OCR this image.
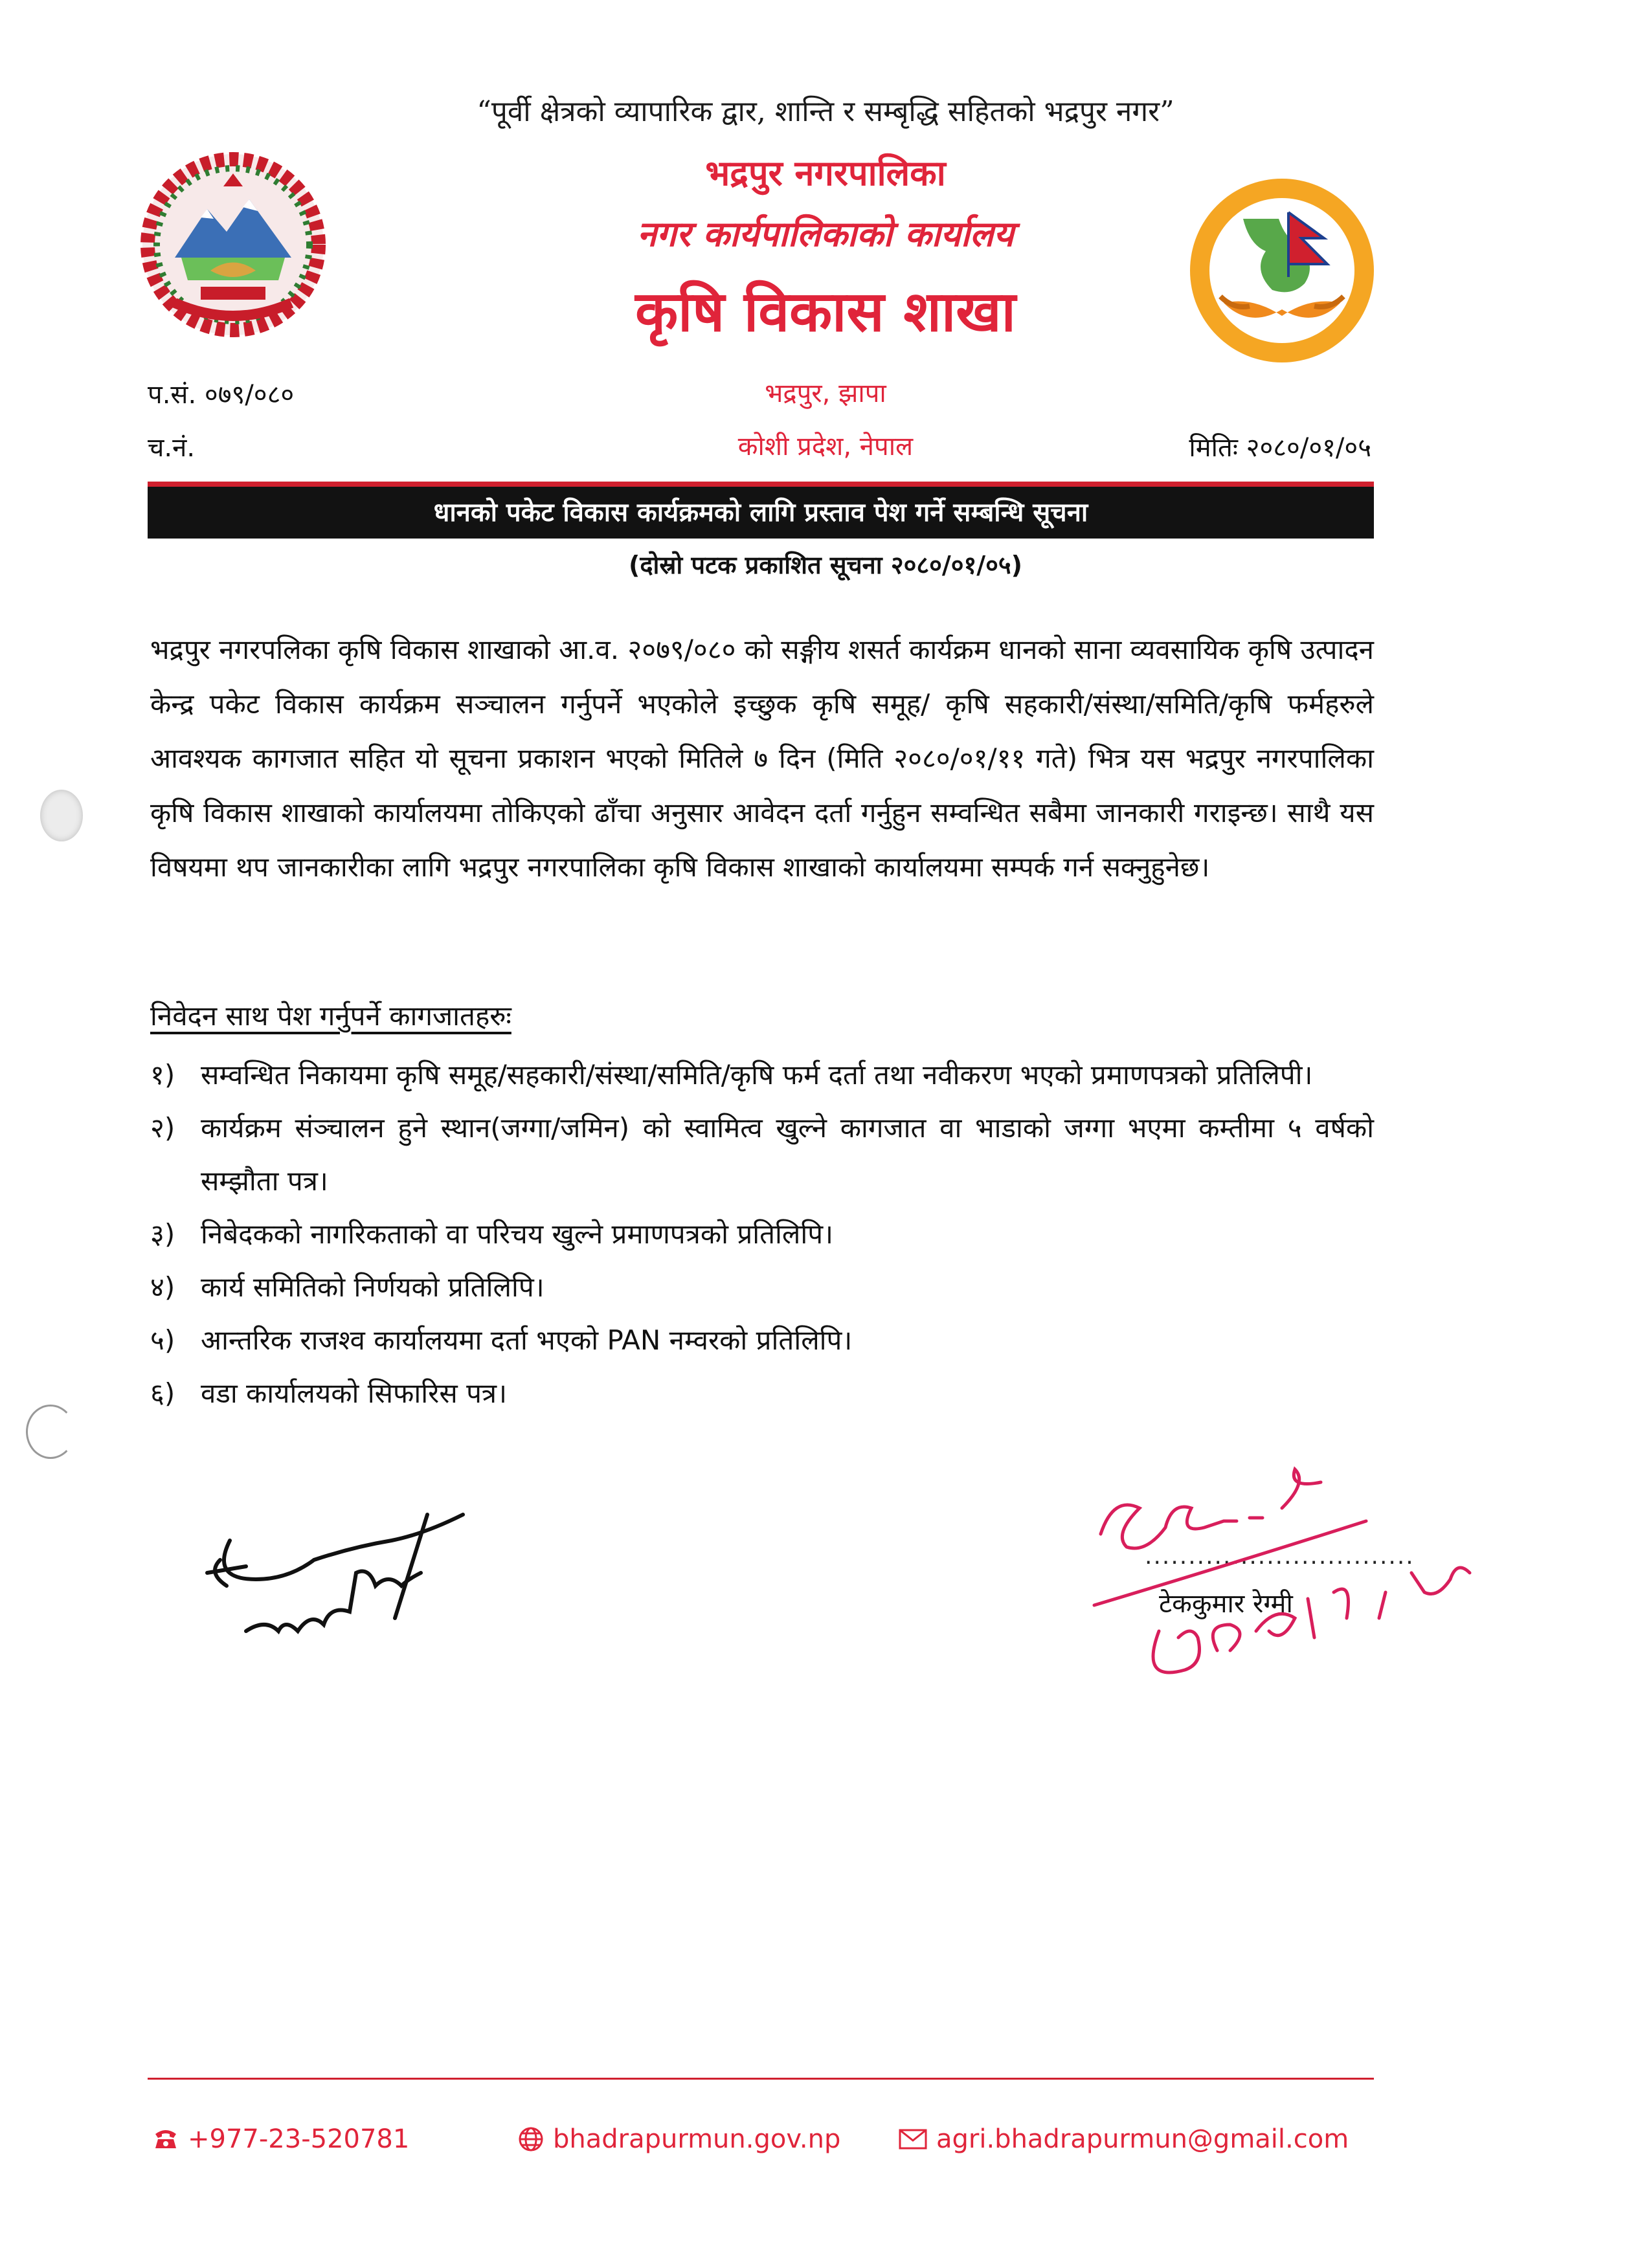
“पूर्वी क्षेत्रको व्यापारिक द्वार, शान्ति र सम्बृद्धि सहितको भद्रपुर नगर”
भद्रपुर नगरपालिका
नगर कार्यपालिकाको कार्यालय
कृषि विकास शाखा
प.सं. ०७९/०८०
च.नं.
भद्रपुर, झापा
कोशी प्रदेश, नेपाल	मितिः २०८०/०१/०५
धानको पकेट विकास कार्यक्रमको लागि प्रस्ताव पेश गर्ने सम्बन्धि सूचना
(दोस्रो पटक प्रकाशित सूचना २०८०/०१/०५)
भद्रपुर नगरपलिका कृषि विकास शाखाको आ.व. २०७९/०८० को सङ्गीय शसर्त कार्यक्रम धानको साना व्यवसायिक कृषि उत्पादन केन्द्र पकेट विकास कार्यक्रम सञ्चालन गर्नुपर्ने भएकोले इच्छुक कृषि समूह/ कृषि सहकारी/संस्था/समिति/कृषि फर्महरुले आवश्यक कागजात सहित यो सूचना प्रकाशन भएको मितिले ७ दिन (मिति २०८०/०१/११ गते) भित्र यस भद्रपुर नगरपालिका कृषि विकास शाखाको कार्यालयमा तोकिएको ढाँचा अनुसार आवेदन दर्ता गर्नुहुन सम्वन्धित सबैमा जानकारी गराइन्छ। साथै यस विषयमा थप जानकारीका लागि भद्रपुर नगरपालिका कृषि विकास शाखाको कार्यालयमा सम्पर्क गर्न सक्नुहुनेछ।
निवेदन साथ पेश गर्नुपर्ने कागजातहरुः
१) सम्वन्धित निकायमा कृषि समूह/सहकारी/संस्था/समिति/कृषि फर्म दर्ता तथा नवीकरण भएको प्रमाणपत्रको प्रतिलिपी।
२) कार्यक्रम संञ्चालन हुने स्थान(जग्गा/जमिन) को स्वामित्व खुल्ने कागजात वा भाडाको जग्गा भएमा कम्तीमा ५ वर्षको सम्झौता पत्र।
३) निबेदकको नागरिकताको वा परिचय खुल्ने प्रमाणपत्रको प्रतिलिपि।
४) कार्य समितिको निर्णयको प्रतिलिपि।
५) आन्तरिक राजश्व कार्यालयमा दर्ता भएको PAN नम्वरको प्रतिलिपि।
६) वडा कार्यालयको सिफारिस पत्र।
...............................
टेककुमार रेग्मी
+977-23-520781	bhadrapurmun.gov.np	agri.bhadrapurmun@gmail.com
